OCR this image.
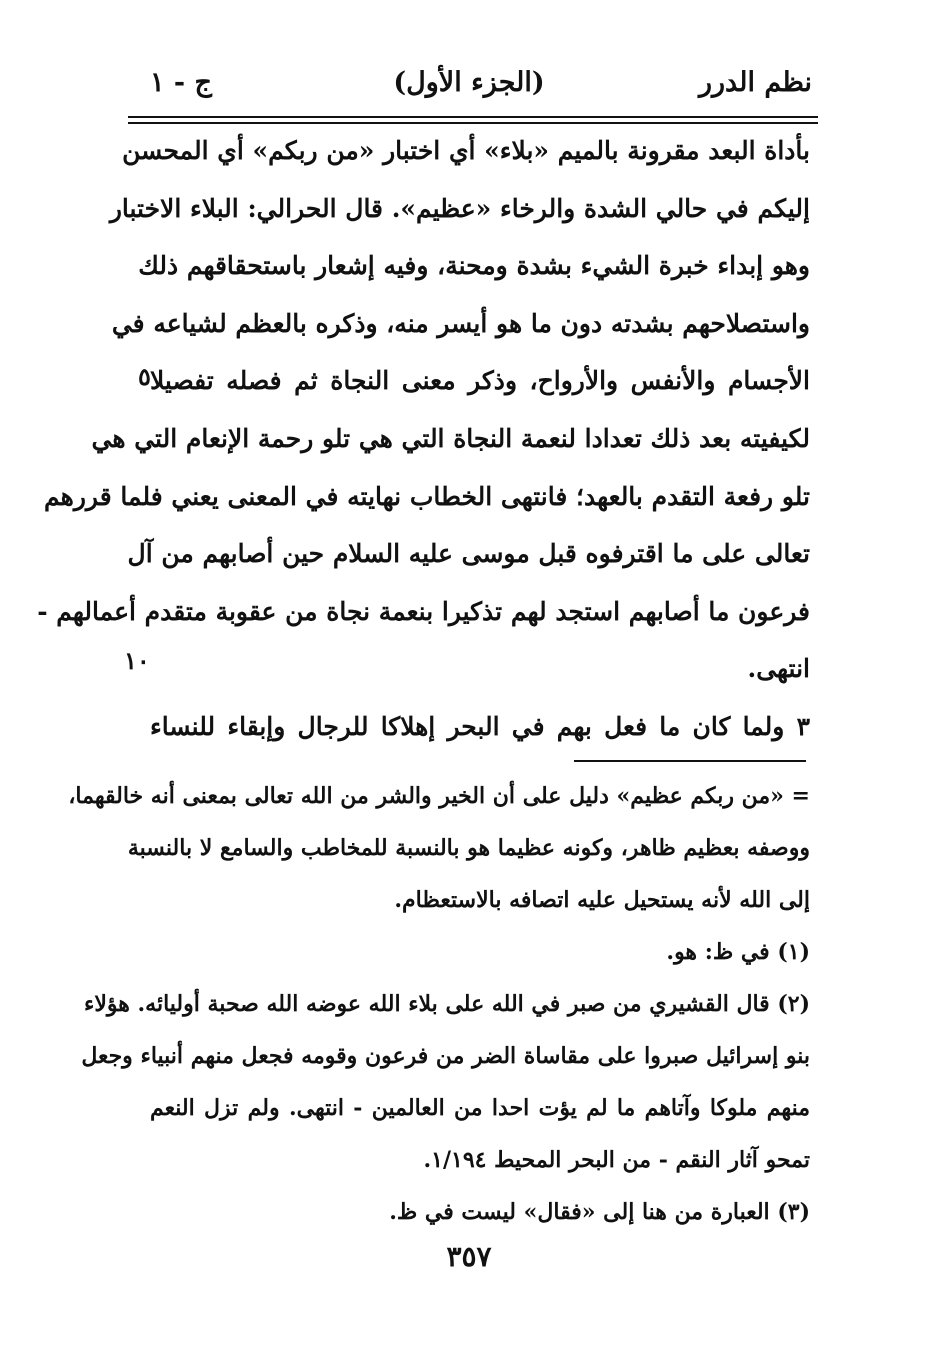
نظم الدرر
(الجزء الأول)
ج - ١
٥
١٠
بأداة البعد مقرونة بالميم «بلاء» أي اختبار «من ربكم» أي المحسن
إليكم في حالي الشدة والرخاء «عظيم». قال الحرالي: البلاء الاختبار
وهو إبداء خبرة الشيء بشدة ومحنة، وفيه إشعار باستحقاقهم ذلك
واستصلاحهم بشدته دون ما هو أيسر منه، وذكره بالعظم لشياعه في
الأجسام والأنفس والأرواح، وذكر معنى النجاة ثم فصله تفصيلا
لكيفيته بعد ذلك تعدادا لنعمة النجاة التي هي تلو رحمة الإنعام التي هي
تلو رفعة التقدم بالعهد؛ فانتهى الخطاب نهايته في المعنى يعني فلما قررهم
تعالى على ما اقترفوه قبل موسى عليه السلام حين أصابهم من آل
فرعون ما أصابهم استجد لهم تذكيرا بنعمة نجاة من عقوبة متقدم أعمالهم -
انتهى.
٣ ولما كان ما فعل بهم في البحر إهلاكا للرجال وإبقاء للنساء
= «من ربكم عظيم» دليل على أن الخير والشر من الله تعالى بمعنى أنه خالقهما،
ووصفه بعظيم ظاهر، وكونه عظيما هو بالنسبة للمخاطب والسامع لا بالنسبة
إلى الله لأنه يستحيل عليه اتصافه بالاستعظام.
(١) في ظ: هو.
(٢) قال القشيري من صبر في الله على بلاء الله عوضه الله صحبة أوليائه. هؤلاء
بنو إسرائيل صبروا على مقاساة الضر من فرعون وقومه فجعل منهم أنبياء وجعل
منهم ملوكا وآتاهم ما لم يؤت احدا من العالمين - انتهى. ولم تزل النعم
تمحو آثار النقم - من البحر المحيط ١/١٩٤.
(٣) العبارة من هنا إلى «فقال» ليست في ظ.
٣٥٧
